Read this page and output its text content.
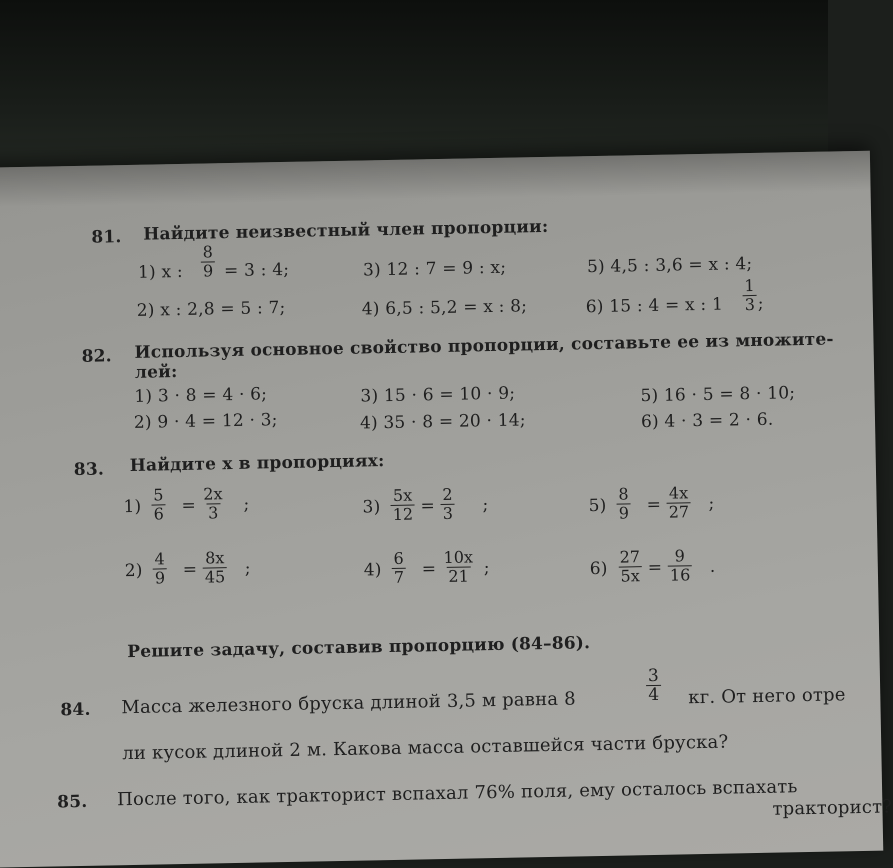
81. Найдите неизвестный член пропорции:
1) x : $\frac{8}{9} = 3$ : 4;	3) 12 : 7 = 9 : x;	5) 4,5 : 3,6 = x : 4;
2) x : 2,8 = 5 : 7;	4) 6,5 : 5,2 = x : 8;	6) 15 : 4 = x : $1 \frac{1}{3}$ ;
82. Используя основное свойство пропорции, составьте ее из множите-
лей:
1) 3 · 8 = 4 · 6;	3) 15 · 6 = 10 · 9;	5) 16 · 5 = 8 · 10;
2) 9 · 4 = 12 · 3;	4) 35 · 8 = 20 · 14;	6) 4 · 3 = 2 · 6.
83. Найдите x в пропорциях:
$1) \frac{5}{6} = \frac{2x}{3}$ ;	$3) \frac{5x}{12} = \frac{2}{3}$ ;	$5) \frac{8}{9} = \frac{4x}{27}$ ;
$2) \frac{4}{9} = \frac{8x}{45}$ ;	$4) \frac{6}{7} = \frac{10x}{21}$ ;	$6) \frac{27}{5x} = \frac{9}{16}$ .
Решите задачу, составив пропорцию (84–86).
84. Масса железного бруска длиной 3,5 м равна 8	$\frac{3}{4}$ кг. От него отре
ли кусок длиной 2 м. Какова масса оставшейся части бруска?
85. После того, как тракторист вспахал 76% поля, ему осталось вспахать
тракторист?
